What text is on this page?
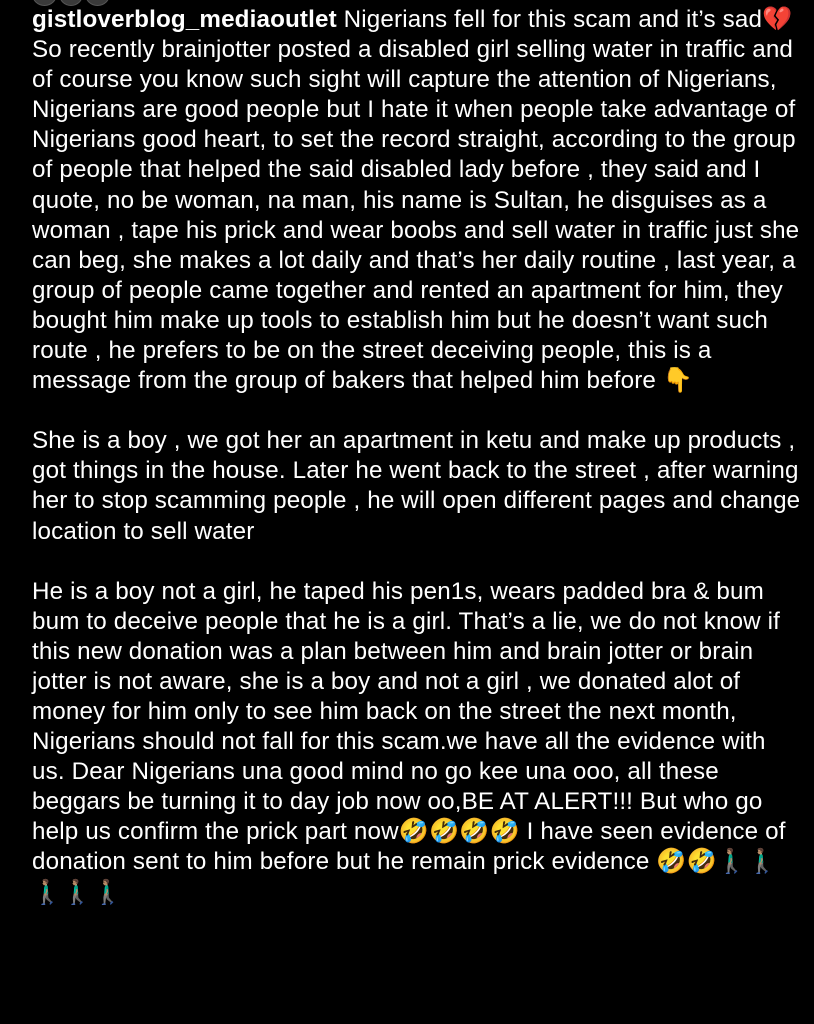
gistloverblog_mediaoutlet Nigerians fell for this scam and it’s sad💔 So recently brainjotter posted a disabled girl selling water in traffic and of course you know such sight will capture the attention of Nigerians, Nigerians are good people but I hate it when people take advantage of Nigerians good heart, to set the record straight, according to the group of people that helped the said disabled lady before , they said and I quote, no be woman, na man, his name is Sultan, he disguises as a woman , tape his prick and wear boobs and sell water in traffic just she can beg, she makes a lot daily and that’s her daily routine , last year, a group of people came together and rented an apartment for him, they bought him make up tools to establish him but he doesn’t want such route , he prefers to be on the street deceiving people, this is a message from the group of bakers that helped him before 👇

She is a boy , we got her an apartment in ketu and make up products , got things in the house. Later he went back to the street , after warning her to stop scamming people , he will open different pages and change location to sell water

He is a boy not a girl, he taped his pen1s, wears padded bra & bum bum to deceive people that he is a girl. That’s a lie, we do not know if this new donation was a plan between him and brain jotter or brain jotter is not aware, she is a boy and not a girl , we donated alot of money for him only to see him back on the street the next month, Nigerians should not fall for this scam.we have all the evidence with us. Dear Nigerians una good mind no go kee una ooo, all these beggars be turning it to day job now oo,BE AT ALERT!!! But who go help us confirm the prick part now🤣🤣🤣🤣 I have seen evidence of donation sent to him before but he remain prick evidence 🤣🤣🚶🏽‍♂️🚶🏽‍♂️🚶🏽‍♂️🚶🏽‍♂️🚶🏽‍♂️
